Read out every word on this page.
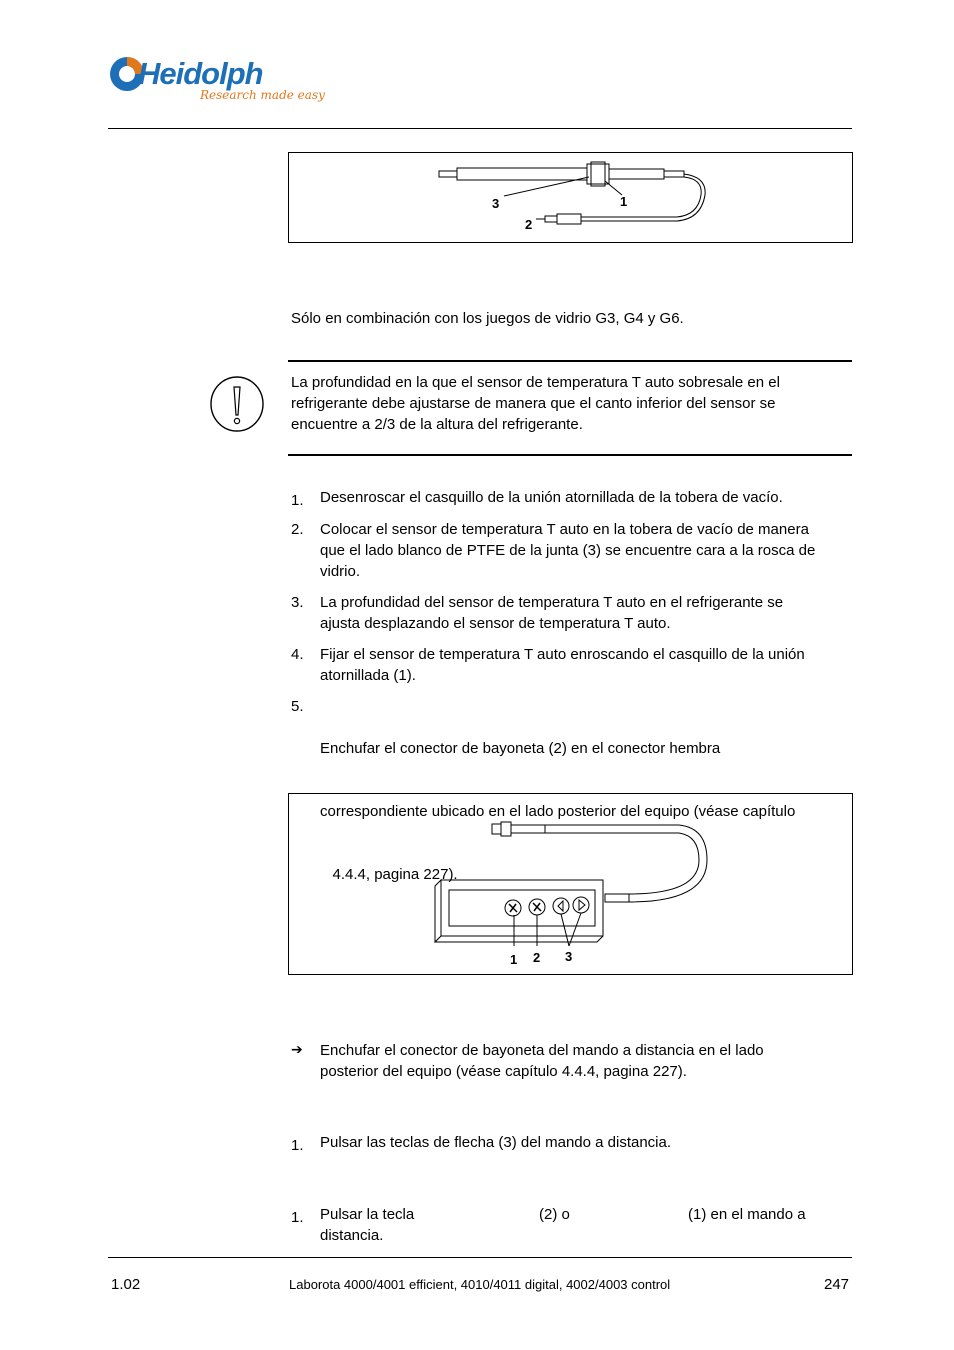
Heidolph
Research made easy
3	1
2
Sólo en combinación con los juegos de vidrio G3, G4 y G6.
La profundidad en la que el sensor de temperatura T auto sobresale en el
refrigerante debe ajustarse de manera que el canto inferior del sensor se
encuentre a 2/3 de la altura del refrigerante.
1. Desenroscar el casquillo de la unión atornillada de la tobera de vacío.
2. Colocar el sensor de temperatura T auto en la tobera de vacío de manera
que el lado blanco de PTFE de la junta (3) se encuentre cara a la rosca de
vidrio.
3. La profundidad del sensor de temperatura T auto en el refrigerante se
ajusta desplazando el sensor de temperatura T auto.
4. Fijar el sensor de temperatura T auto enroscando el casquillo de la unión
atornillada (1).
5.

Enchufar el conector de bayoneta (2) en el conector hembra

correspondiente ubicado en el lado posterior del equipo (véase capítulo

4.4.4, pagina 227).

1 2 3
➔ Enchufar el conector de bayoneta del mando a distancia en el lado
posterior del equipo (véase capítulo 4.4.4, pagina 227).
1. Pulsar las teclas de flecha (3) del mando a distancia.
1. Pulsar la tecla	(2) o	(1) en el mando a
distancia.
1.02	Laborota 4000/4001 efficient, 4010/4011 digital, 4002/4003 control	247
